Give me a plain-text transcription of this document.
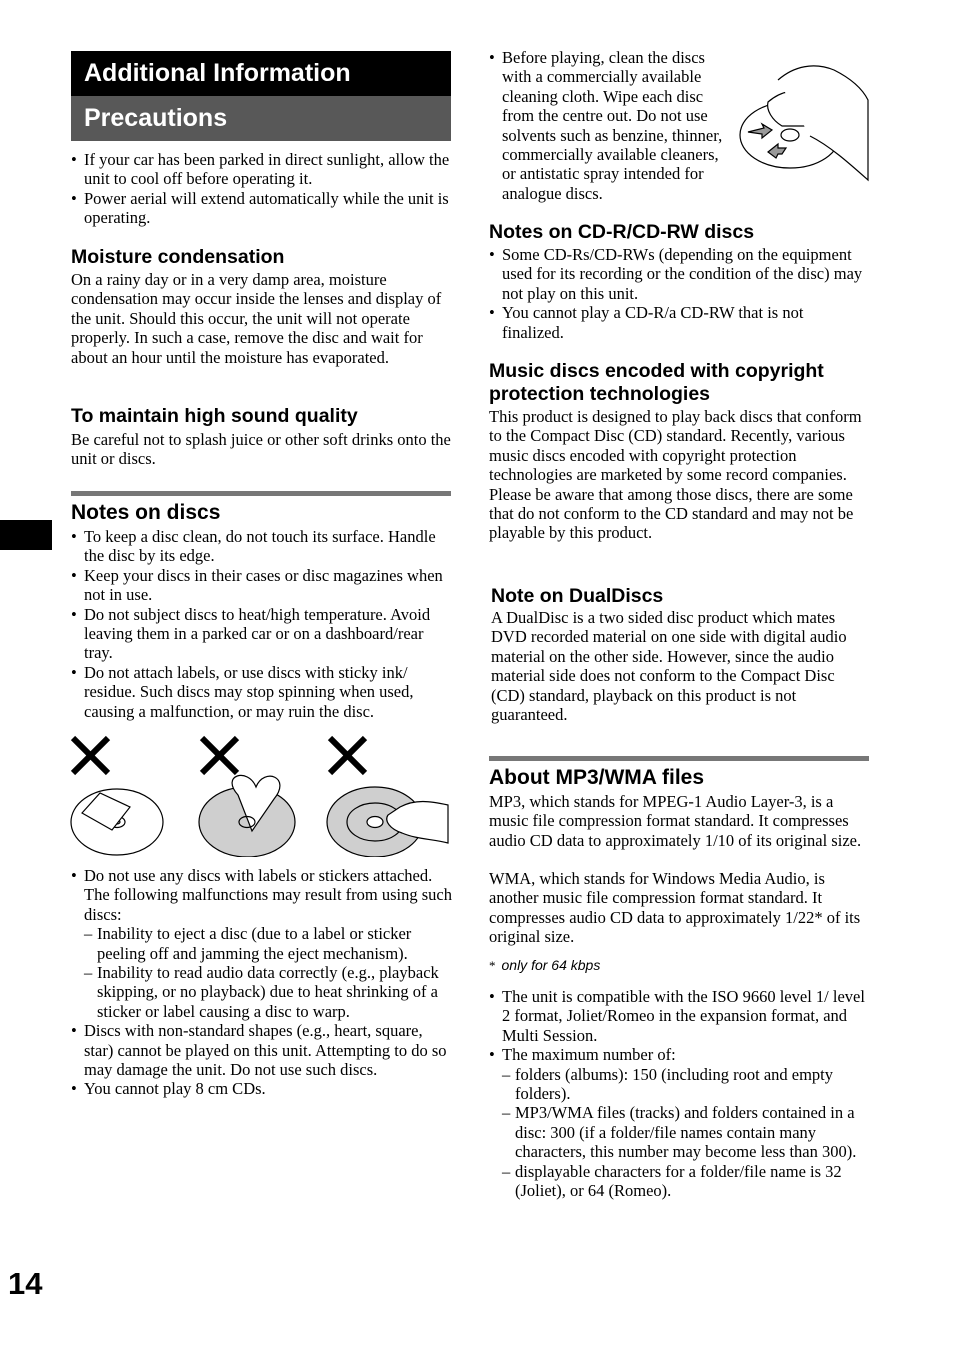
Additional Information
Precautions
• If your car has been parked in direct sunlight, allow the unit to cool off before operating it.
• Power aerial will extend automatically while the unit is operating.
Moisture condensation
On a rainy day or in a very damp area, moisture condensation may occur inside the lenses and display of the unit. Should this occur, the unit will not operate properly. In such a case, remove the disc and wait for about an hour until the moisture has evaporated.
To maintain high sound quality
Be careful not to splash juice or other soft drinks onto the unit or discs.
Notes on discs
• To keep a disc clean, do not touch its surface. Handle the disc by its edge.
• Keep your discs in their cases or disc magazines when not in use.
• Do not subject discs to heat/high temperature. Avoid leaving them in a parked car or on a dashboard/rear tray.
• Do not attach labels, or use discs with sticky ink/ residue. Such discs may stop spinning when used, causing a malfunction, or may ruin the disc.
• Do not use any discs with labels or stickers attached.
The following malfunctions may result from using such discs:
– Inability to eject a disc (due to a label or sticker peeling off and jamming the eject mechanism).
– Inability to read audio data correctly (e.g., playback skipping, or no playback) due to heat shrinking of a sticker or label causing a disc to warp.
• Discs with non-standard shapes (e.g., heart, square, star) cannot be played on this unit. Attempting to do so may damage the unit. Do not use such discs.
• You cannot play 8 cm CDs.
• Before playing, clean the discs with a commercially available cleaning cloth. Wipe each disc from the centre out. Do not use solvents such as benzine, thinner, commercially available cleaners, or antistatic spray intended for analogue discs.
Notes on CD-R/CD-RW discs
• Some CD-Rs/CD-RWs (depending on the equipment used for its recording or the condition of the disc) may not play on this unit.
• You cannot play a CD-R/a CD-RW that is not finalized.
Music discs encoded with copyright protection technologies
This product is designed to play back discs that conform to the Compact Disc (CD) standard. Recently, various music discs encoded with copyright protection technologies are marketed by some record companies. Please be aware that among those discs, there are some that do not conform to the CD standard and may not be playable by this product.
Note on DualDiscs
A DualDisc is a two sided disc product which mates DVD recorded material on one side with digital audio material on the other side. However, since the audio material side does not conform to the Compact Disc (CD) standard, playback on this product is not guaranteed.
About MP3/WMA files
MP3, which stands for MPEG-1 Audio Layer-3, is a music file compression format standard. It compresses audio CD data to approximately 1/10 of its original size.
WMA, which stands for Windows Media Audio, is another music file compression format standard. It compresses audio CD data to approximately 1/22* of its original size.
* only for 64 kbps
• The unit is compatible with the ISO 9660 level 1/ level 2 format, Joliet/Romeo in the expansion format, and Multi Session.
• The maximum number of:
– folders (albums): 150 (including root and empty folders).
– MP3/WMA files (tracks) and folders contained in a disc: 300 (if a folder/file names contain many characters, this number may become less than 300).
– displayable characters for a folder/file name is 32 (Joliet), or 64 (Romeo).
14
